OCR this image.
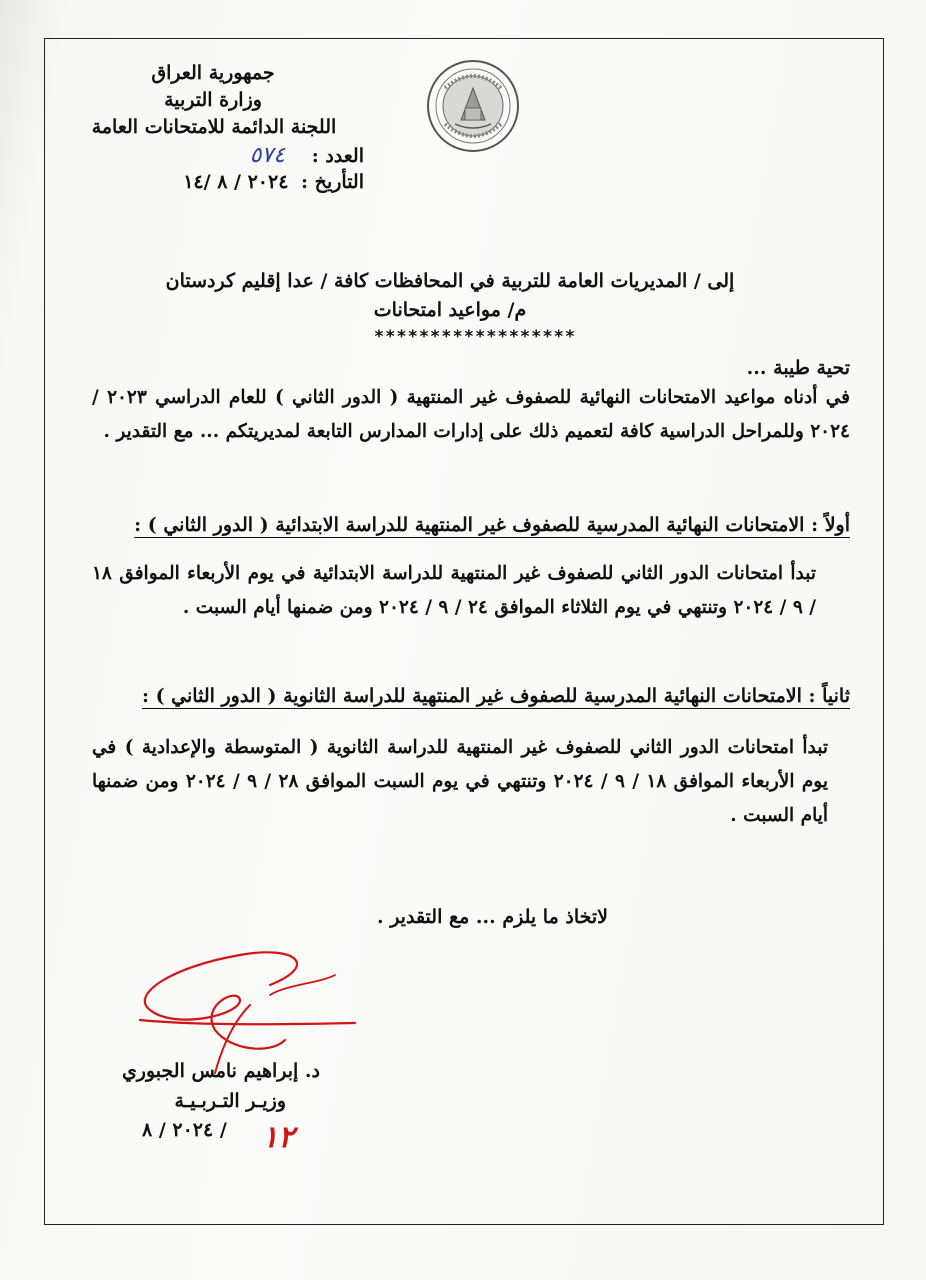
جمهورية العراق
وزارة التربية
اللجنة الدائمة للامتحانات العامة
العدد : ٥٧٤
التأريخ : ٢٠٢٤ / ٨ /١٤
إلى / المديريات العامة للتربية في المحافظات كافة / عدا إقليم كردستان
م/ مواعيد امتحانات
******************
تحية طيبة ...
في أدناه مواعيد الامتحانات النهائية للصفوف غير المنتهية ( الدور الثاني ) للعام الدراسي ٢٠٢٣ / ٢٠٢٤ وللمراحل الدراسية كافة لتعميم ذلك على إدارات المدارس التابعة لمديريتكم ... مع التقدير .
أولاً : الامتحانات النهائية المدرسية للصفوف غير المنتهية للدراسة الابتدائية ( الدور الثاني ) :
تبدأ امتحانات الدور الثاني للصفوف غير المنتهية للدراسة الابتدائية في يوم الأربعاء الموافق ١٨ / ٩ / ٢٠٢٤ وتنتهي في يوم الثلاثاء الموافق ٢٤ / ٩ / ٢٠٢٤ ومن ضمنها أيام السبت .
ثانياً : الامتحانات النهائية المدرسية للصفوف غير المنتهية للدراسة الثانوية ( الدور الثاني ) :
تبدأ امتحانات الدور الثاني للصفوف غير المنتهية للدراسة الثانوية ( المتوسطة والإعدادية ) في يوم الأربعاء الموافق ١٨ / ٩ / ٢٠٢٤ وتنتهي في يوم السبت الموافق ٢٨ / ٩ / ٢٠٢٤ ومن ضمنها أيام السبت .
لاتخاذ ما يلزم ... مع التقدير .
د. إبراهيم نامس الجبوري
وزيـر التـربـيـة
٢٠٢٤ / ٨ / ١٢
